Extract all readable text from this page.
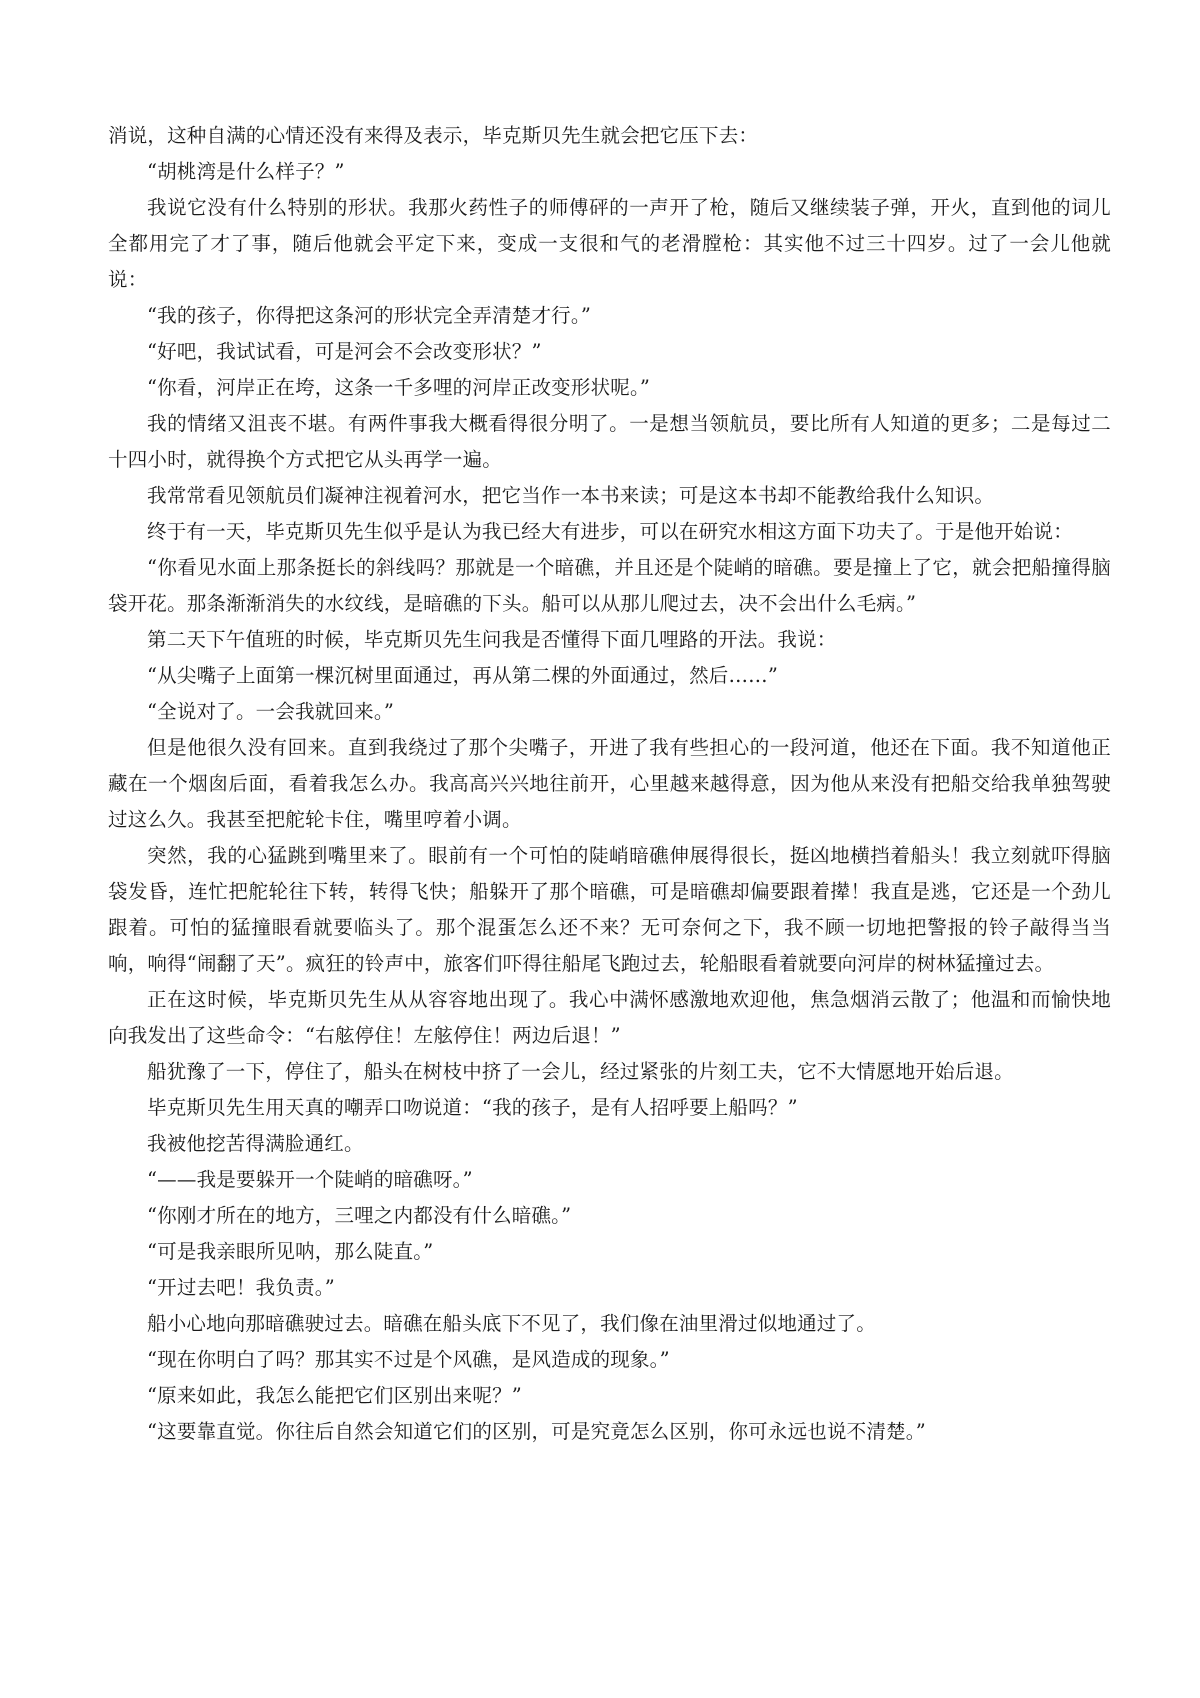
消说，这种自满的心情还没有来得及表示，毕克斯贝先生就会把它压下去：

“胡桃湾是什么样子？”

我说它没有什么特别的形状。我那火药性子的师傅砰的一声开了枪，随后又继续装子弹，开火，直到他的词儿全都用完了才了事，随后他就会平定下来，变成一支很和气的老滑膛枪：其实他不过三十四岁。过了一会儿他就说：

“我的孩子，你得把这条河的形状完全弄清楚才行。”

“好吧，我试试看，可是河会不会改变形状？”

“你看，河岸正在垮，这条一千多哩的河岸正改变形状呢。”

我的情绪又沮丧不堪。有两件事我大概看得很分明了。一是想当领航员，要比所有人知道的更多；二是每过二十四小时，就得换个方式把它从头再学一遍。

我常常看见领航员们凝神注视着河水，把它当作一本书来读；可是这本书却不能教给我什么知识。

终于有一天，毕克斯贝先生似乎是认为我已经大有进步，可以在研究水相这方面下功夫了。于是他开始说：

“你看见水面上那条挺长的斜线吗？那就是一个暗礁，并且还是个陡峭的暗礁。要是撞上了它，就会把船撞得脑袋开花。那条渐渐消失的水纹线，是暗礁的下头。船可以从那儿爬过去，决不会出什么毛病。”

第二天下午值班的时候，毕克斯贝先生问我是否懂得下面几哩路的开法。我说：

“从尖嘴子上面第一棵沉树里面通过，再从第二棵的外面通过，然后……”

“全说对了。一会我就回来。”

但是他很久没有回来。直到我绕过了那个尖嘴子，开进了我有些担心的一段河道，他还在下面。我不知道他正藏在一个烟囱后面，看着我怎么办。我高高兴兴地往前开，心里越来越得意，因为他从来没有把船交给我单独驾驶过这么久。我甚至把舵轮卡住，嘴里哼着小调。

突然，我的心猛跳到嘴里来了。眼前有一个可怕的陡峭暗礁伸展得很长，挺凶地横挡着船头！我立刻就吓得脑袋发昏，连忙把舵轮往下转，转得飞快；船躲开了那个暗礁，可是暗礁却偏要跟着撵！我直是逃，它还是一个劲儿跟着。可怕的猛撞眼看就要临头了。那个混蛋怎么还不来？无可奈何之下，我不顾一切地把警报的铃子敲得当当响，响得“闹翻了天”。疯狂的铃声中，旅客们吓得往船尾飞跑过去，轮船眼看着就要向河岸的树林猛撞过去。

正在这时候，毕克斯贝先生从从容容地出现了。我心中满怀感激地欢迎他，焦急烟消云散了；他温和而愉快地向我发出了这些命令：“右舷停住！左舷停住！两边后退！”

船犹豫了一下，停住了，船头在树枝中挤了一会儿，经过紧张的片刻工夫，它不大情愿地开始后退。

毕克斯贝先生用天真的嘲弄口吻说道：“我的孩子，是有人招呼要上船吗？”

我被他挖苦得满脸通红。

“——我是要躲开一个陡峭的暗礁呀。”

“你刚才所在的地方，三哩之内都没有什么暗礁。”

“可是我亲眼所见呐，那么陡直。”

“开过去吧！我负责。”

船小心地向那暗礁驶过去。暗礁在船头底下不见了，我们像在油里滑过似地通过了。

“现在你明白了吗？那其实不过是个风礁，是风造成的现象。”

“原来如此，我怎么能把它们区别出来呢？”

“这要靠直觉。你往后自然会知道它们的区别，可是究竟怎么区别，你可永远也说不清楚。”
